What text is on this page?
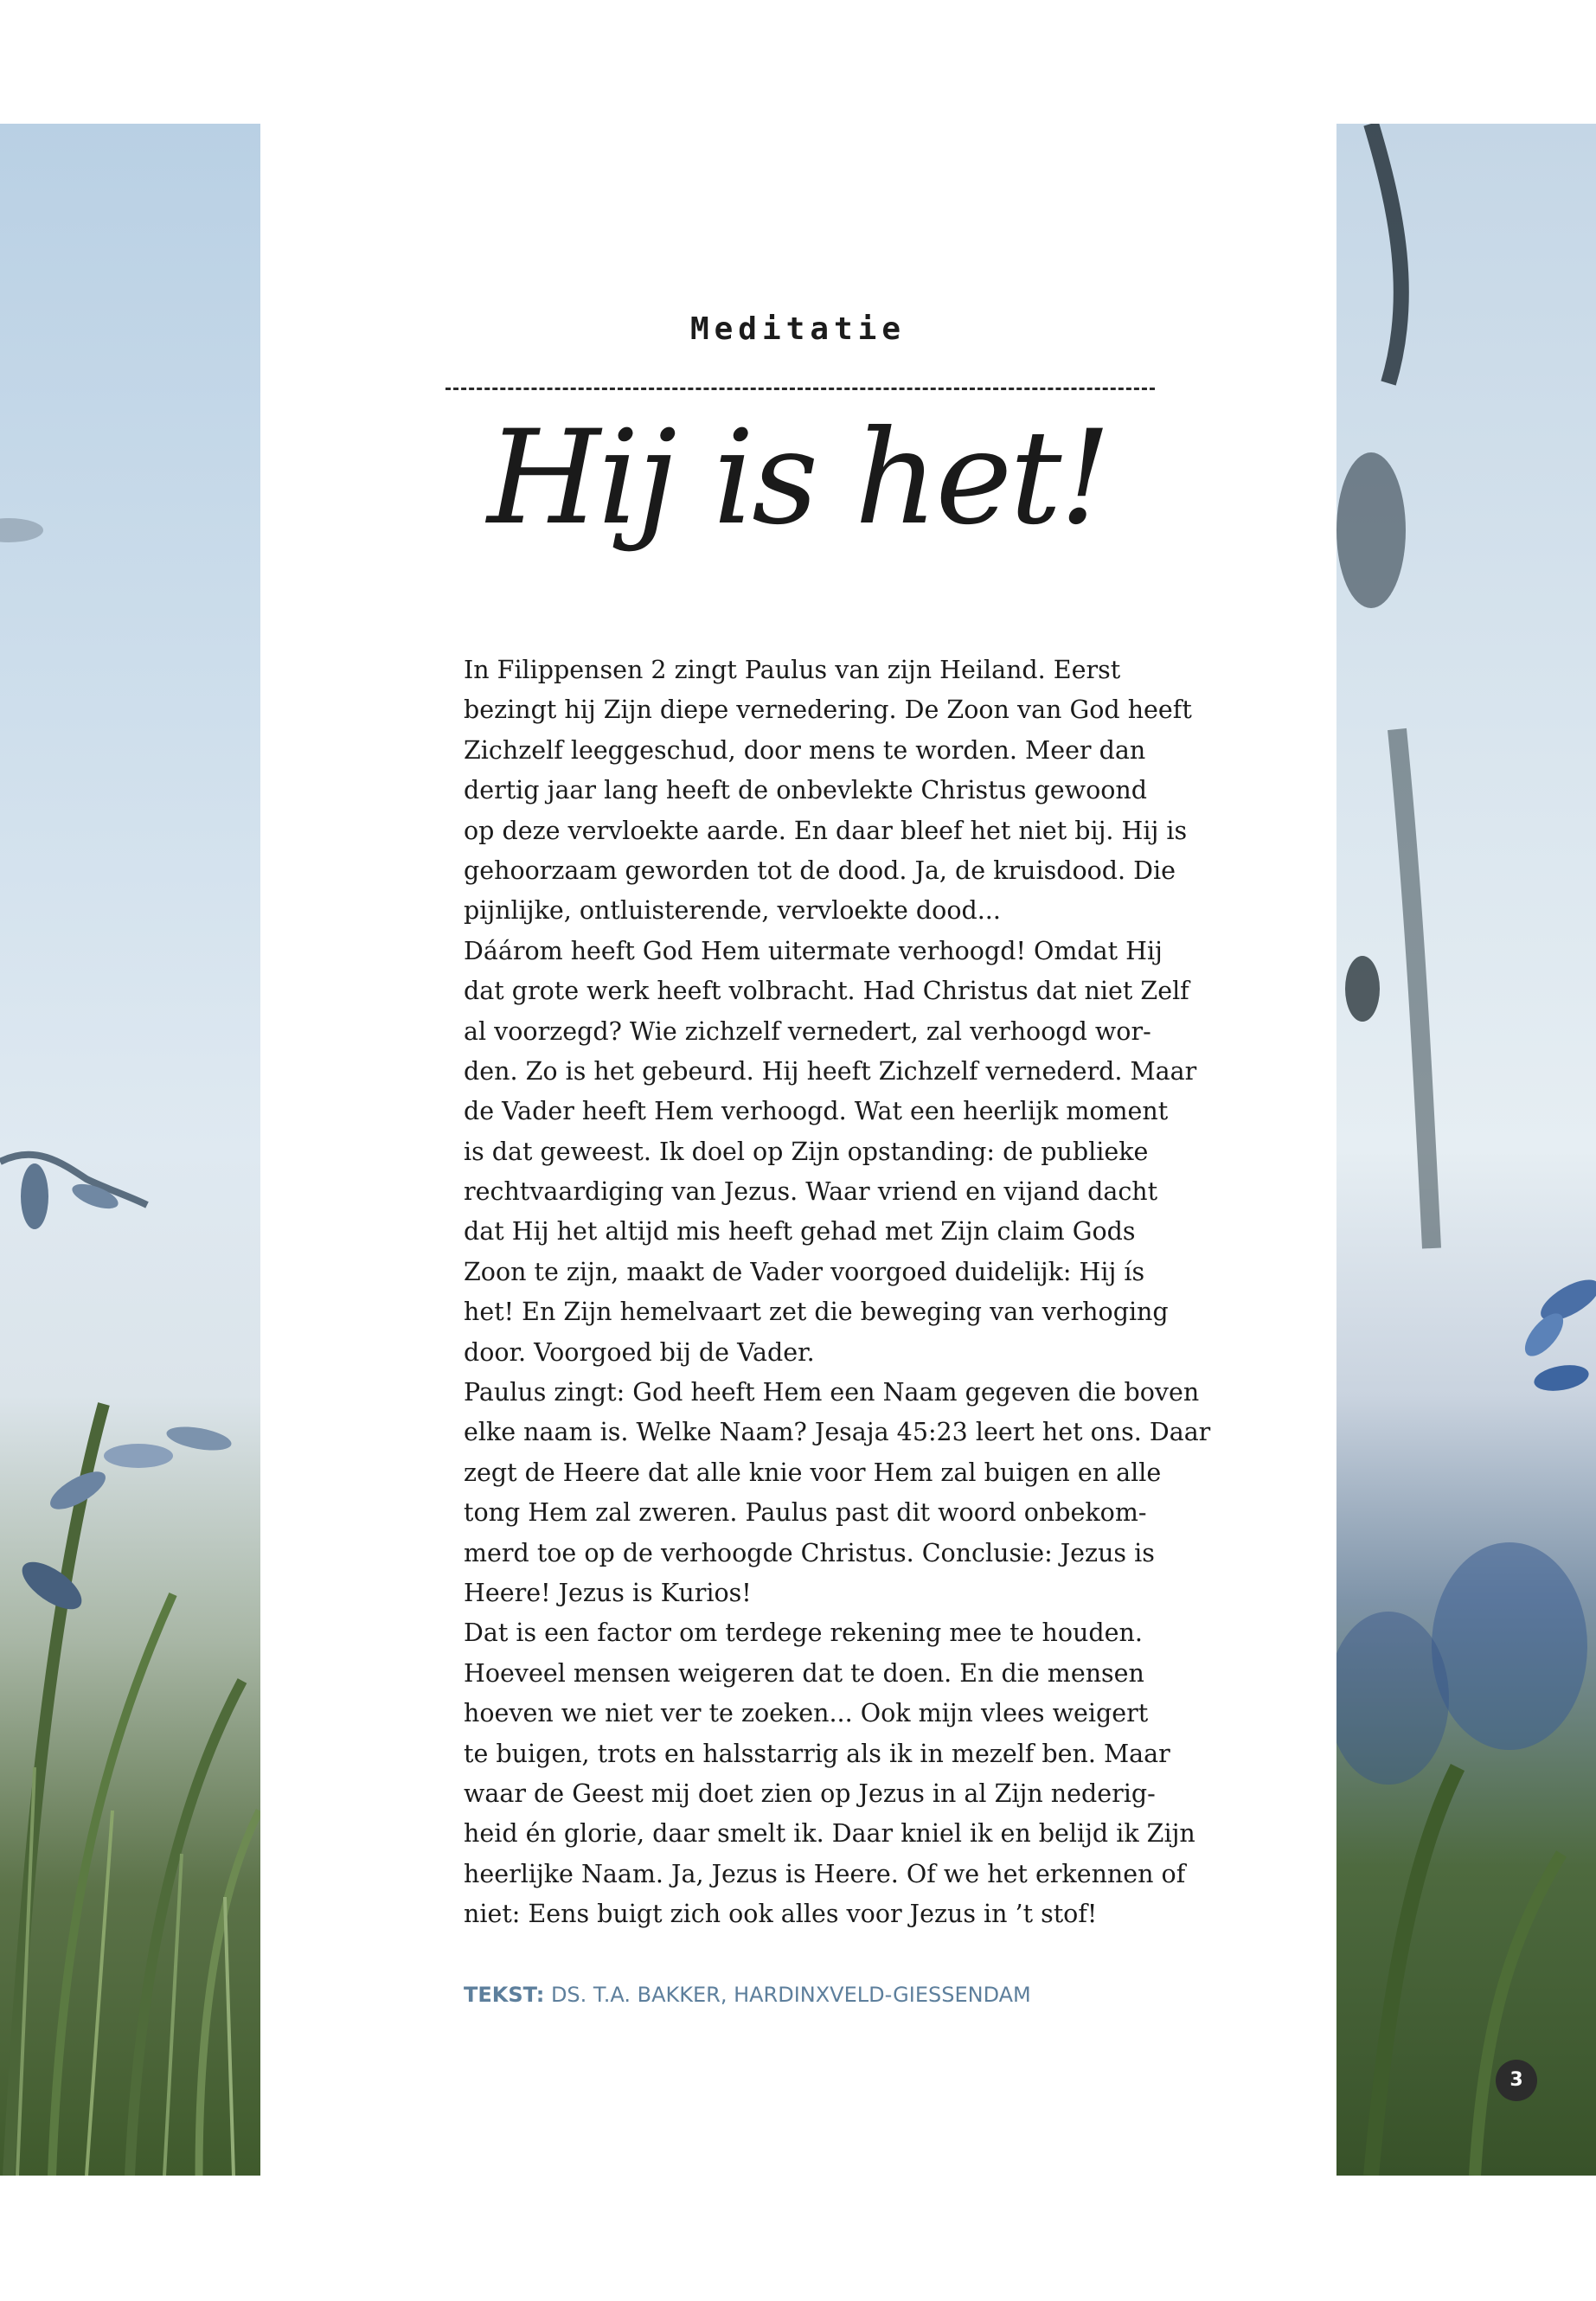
Meditatie
Hij is het!
In Filippensen 2 zingt Paulus van zijn Heiland. Eerst
bezingt hij Zijn diepe vernedering. De Zoon van God heeft
Zichzelf leeggeschud, door mens te worden. Meer dan
dertig jaar lang heeft de onbevlekte Christus gewoond
op deze vervloekte aarde. En daar bleef het niet bij. Hij is
gehoorzaam geworden tot de dood. Ja, de kruisdood. Die
pijnlijke, ontluisterende, vervloekte dood...
Dáárom heeft God Hem uitermate verhoogd! Omdat Hij
dat grote werk heeft volbracht. Had Christus dat niet Zelf
al voorzegd? Wie zichzelf vernedert, zal verhoogd wor-
den. Zo is het gebeurd. Hij heeft Zichzelf vernederd. Maar
de Vader heeft Hem verhoogd. Wat een heerlijk moment
is dat geweest. Ik doel op Zijn opstanding: de publieke
rechtvaardiging van Jezus. Waar vriend en vijand dacht
dat Hij het altijd mis heeft gehad met Zijn claim Gods
Zoon te zijn, maakt de Vader voorgoed duidelijk: Hij ís
het! En Zijn hemelvaart zet die beweging van verhoging
door. Voorgoed bij de Vader.
Paulus zingt: God heeft Hem een Naam gegeven die boven
elke naam is. Welke Naam? Jesaja 45:23 leert het ons. Daar
zegt de Heere dat alle knie voor Hem zal buigen en alle
tong Hem zal zweren. Paulus past dit woord onbekom-
merd toe op de verhoogde Christus. Conclusie: Jezus is
Heere! Jezus is Kurios!
Dat is een factor om terdege rekening mee te houden.
Hoeveel mensen weigeren dat te doen. En die mensen
hoeven we niet ver te zoeken... Ook mijn vlees weigert
te buigen, trots en halsstarrig als ik in mezelf ben. Maar
waar de Geest mij doet zien op Jezus in al Zijn nederig-
heid én glorie, daar smelt ik. Daar kniel ik en belijd ik Zijn
heerlijke Naam. Ja, Jezus is Heere. Of we het erkennen of
niet: Eens buigt zich ook alles voor Jezus in ’t stof!
TEKST: DS. T.A. BAKKER, HARDINXVELD-GIESSENDAM
3
